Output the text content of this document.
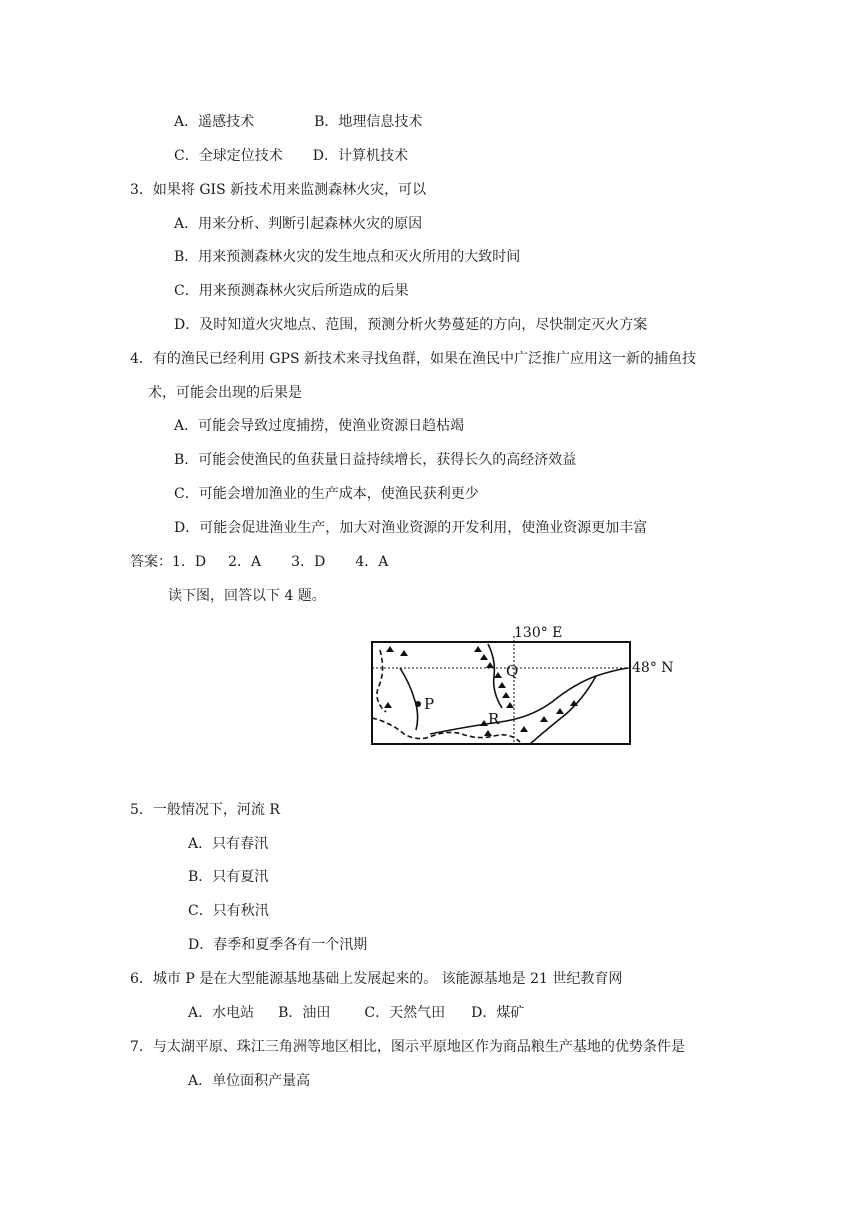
A．遥感技术	B．地理信息技术
C．全球定位技术 D．计算机技术
3．如果将 GIS 新技术用来监测森林火灾，可以
A．用来分析、判断引起森林火灾的原因
B．用来预测森林火灾的发生地点和灭火所用的大致时间
C．用来预测森林火灾后所造成的后果
D．及时知道火灾地点、范围，预测分析火势蔓延的方向，尽快制定灭火方案
4．有的渔民已经利用 GPS 新技术来寻找鱼群，如果在渔民中广泛推广应用这一新的捕鱼技
术，可能会出现的后果是
A．可能会导致过度捕捞，使渔业资源日趋枯竭
B．可能会使渔民的鱼获量日益持续增长，获得长久的高经济效益
C．可能会增加渔业的生产成本，使渔民获利更少
D．可能会促进渔业生产，加大对渔业资源的开发利用，使渔业资源更加丰富
答案：1．D 2．A 3．D 4．A
读下图，回答以下 4 题。
P
Q
R
130° E
48° N
5．一般情况下，河流 R
A．只有春汛
B．只有夏汛
C．只有秋汛
D．春季和夏季各有一个汛期
6．城市 P 是在大型能源基地基础上发展起来的。 该能源基地是 21 世纪教育网
A．水电站 B．油田 C．天然气田 D．煤矿
7．与太湖平原、珠江三角洲等地区相比，图示平原地区作为商品粮生产基地的优势条件是
A．单位面积产量高
